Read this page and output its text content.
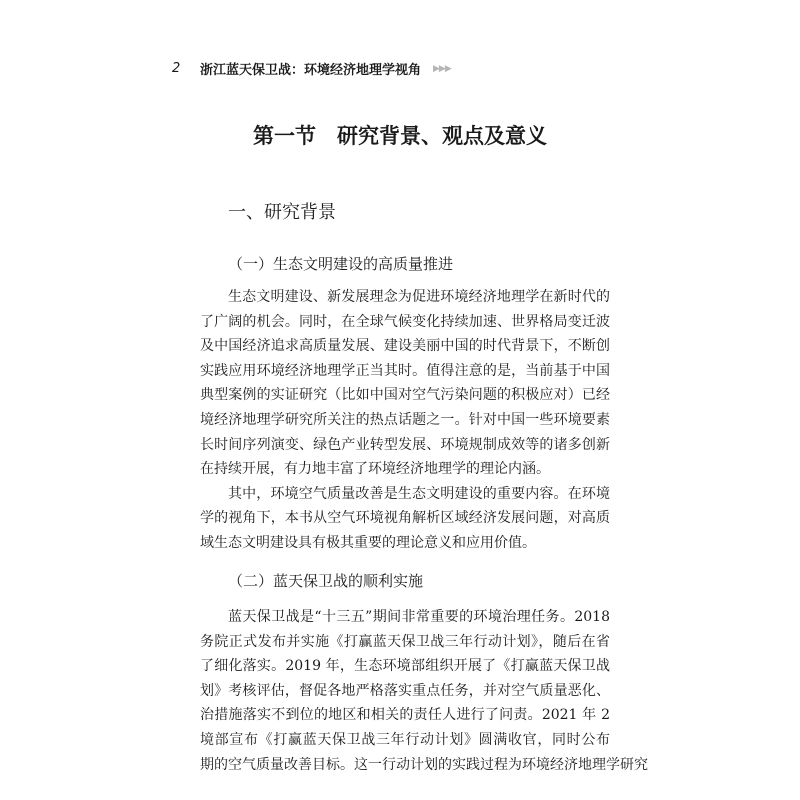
2	浙江蓝天保卫战：环境经济地理学视角 ▶▶▶
第一节　研究背景、观点及意义
一、研究背景
（一）生态文明建设的高质量推进
（二）蓝天保卫战的顺利实施
生态文明建设、新发展理念为促进环境经济地理学在新时代的
了广阔的机会。同时，在全球气候变化持续加速、世界格局变迁波
及中国经济追求高质量发展、建设美丽中国的时代背景下，不断创
实践应用环境经济地理学正当其时。值得注意的是，当前基于中国
典型案例的实证研究（比如中国对空气污染问题的积极应对）已经
境经济地理学研究所关注的热点话题之一。针对中国一些环境要素
长时间序列演变、绿色产业转型发展、环境规制成效等的诸多创新
在持续开展，有力地丰富了环境经济地理学的理论内涵。
其中，环境空气质量改善是生态文明建设的重要内容。在环境
学的视角下，本书从空气环境视角解析区域经济发展问题，对高质
域生态文明建设具有极其重要的理论意义和应用价值。
蓝天保卫战是“十三五”期间非常重要的环境治理任务。2018
务院正式发布并实施《打赢蓝天保卫战三年行动计划》，随后在省
了细化落实。2019 年，生态环境部组织开展了《打赢蓝天保卫战
划》考核评估，督促各地严格落实重点任务，并对空气质量恶化、
治措施落实不到位的地区和相关的责任人进行了问责。2021 年 2
境部宣布《打赢蓝天保卫战三年行动计划》圆满收官，同时公布
期的空气质量改善目标。这一行动计划的实践过程为环境经济地理学研究
